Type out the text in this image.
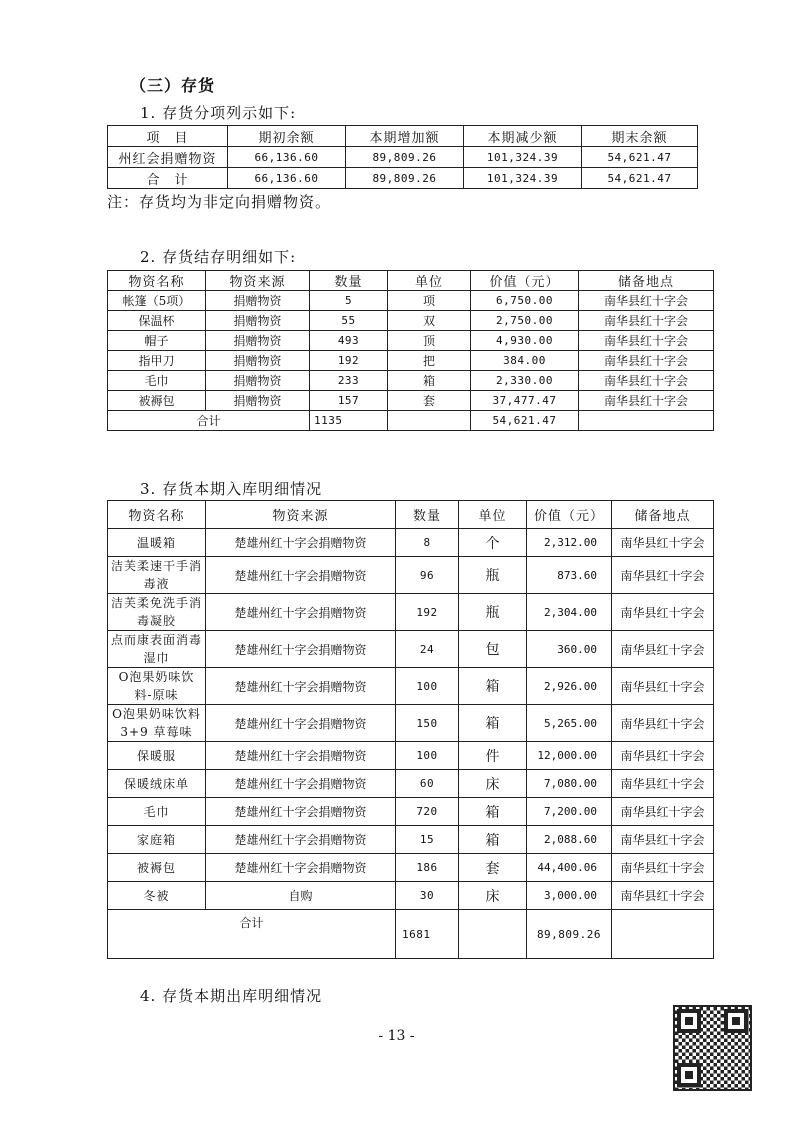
（三）存货
1. 存货分项列示如下:
项　目	期初余额	本期增加额	本期减少额	期末余额
州红会捐赠物资	66,136.60	89,809.26	101,324.39	54,621.47
合　计	66,136.60	89,809.26	101,324.39	54,621.47
注：存货均为非定向捐赠物资。
2. 存货结存明细如下:
物资名称	物资来源	数量	单位	价值（元）	储备地点
帐篷（5项）	捐赠物资	5	项	6,750.00	南华县红十字会
保温杯	捐赠物资	55	双	2,750.00	南华县红十字会
帽子	捐赠物资	493	顶	4,930.00	南华县红十字会
指甲刀	捐赠物资	192	把	384.00	南华县红十字会
毛巾	捐赠物资	233	箱	2,330.00	南华县红十字会
被褥包	捐赠物资	157	套	37,477.47	南华县红十字会
合计		1135		54,621.47	
3. 存货本期入库明细情况
物资名称	物资来源	数量	单位	价值（元）	储备地点
温暖箱	楚雄州红十字会捐赠物资	8	个	2,312.00	南华县红十字会
洁芙柔速干手消毒液	楚雄州红十字会捐赠物资	96	瓶	873.60	南华县红十字会
洁芙柔免洗手消毒凝胶	楚雄州红十字会捐赠物资	192	瓶	2,304.00	南华县红十字会
点而康表面消毒湿巾	楚雄州红十字会捐赠物资	24	包	360.00	南华县红十字会
O泡果奶味饮料-原味	楚雄州红十字会捐赠物资	100	箱	2,926.00	南华县红十字会
O泡果奶味饮料 3+9 草莓味	楚雄州红十字会捐赠物资	150	箱	5,265.00	南华县红十字会
保暖服	楚雄州红十字会捐赠物资	100	件	12,000.00	南华县红十字会
保暖绒床单	楚雄州红十字会捐赠物资	60	床	7,080.00	南华县红十字会
毛巾	楚雄州红十字会捐赠物资	720	箱	7,200.00	南华县红十字会
家庭箱	楚雄州红十字会捐赠物资	15	箱	2,088.60	南华县红十字会
被褥包	楚雄州红十字会捐赠物资	186	套	44,400.06	南华县红十字会
冬被	自购	30	床	3,000.00	南华县红十字会
合计		1681		89,809.26	
4. 存货本期出库明细情况
- 13 -
